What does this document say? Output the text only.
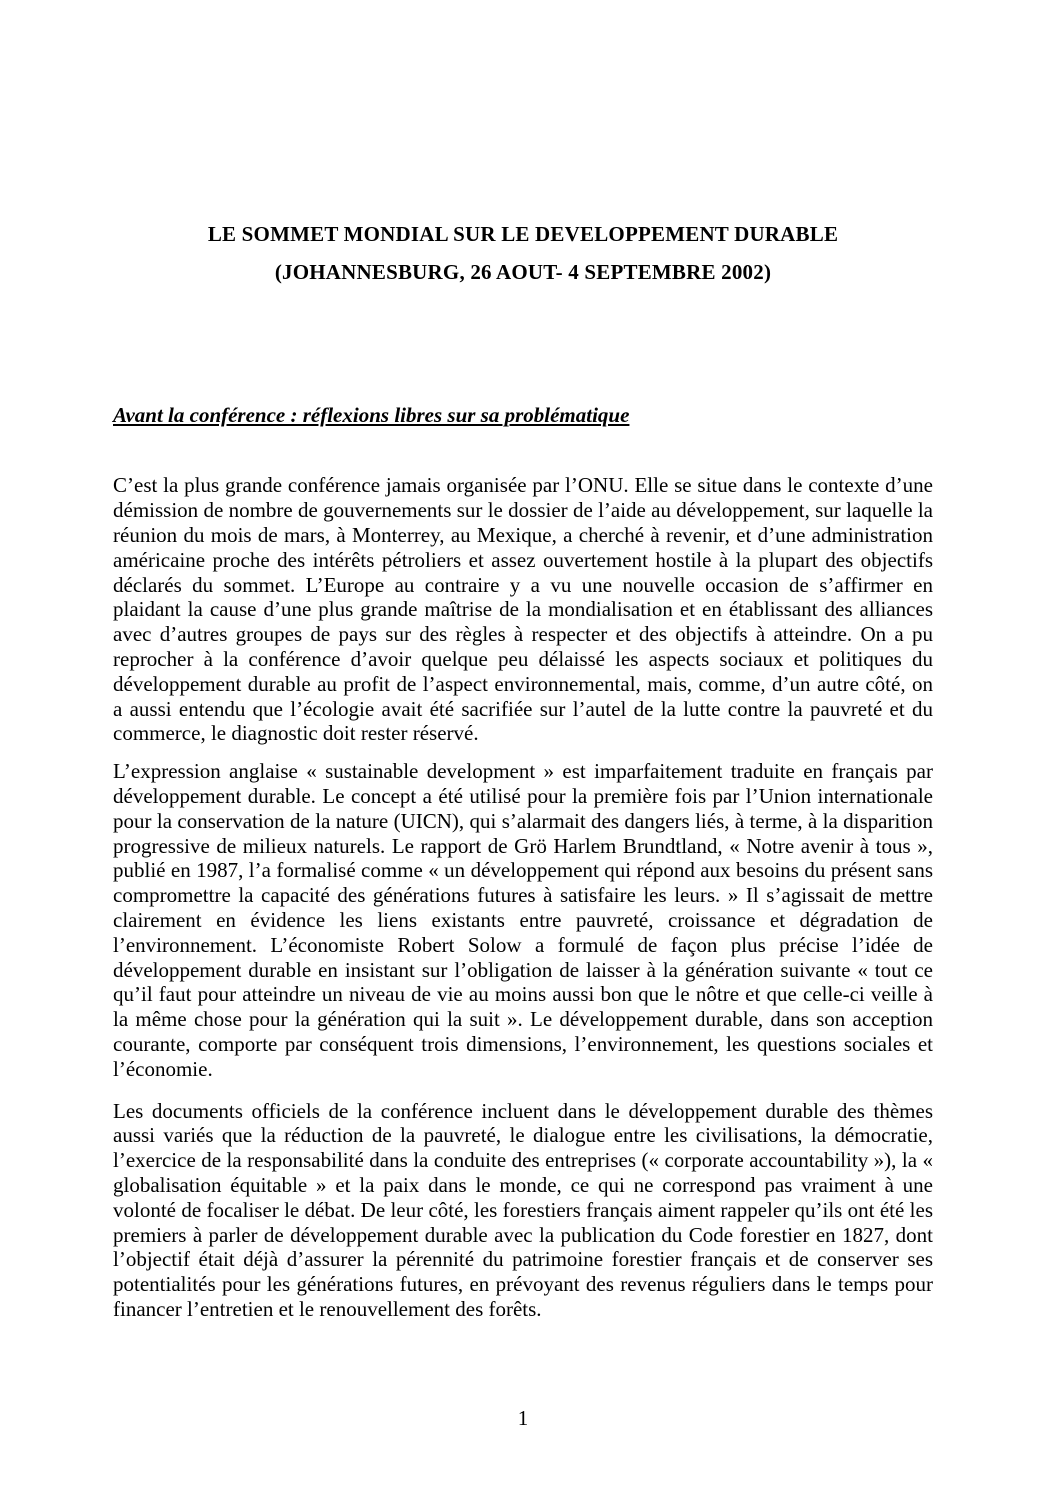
LE SOMMET MONDIAL SUR LE DEVELOPPEMENT DURABLE
(JOHANNESBURG, 26 AOUT- 4 SEPTEMBRE 2002)
Avant la conférence : réflexions libres sur sa problématique

C’est la plus grande conférence jamais organisée par l’ONU. Elle se situe dans le contexte d’une démission de nombre de gouvernements sur le dossier de l’aide au développement, sur laquelle la réunion du mois de mars, à Monterrey, au Mexique, a cherché à revenir, et d’une administration américaine proche des intérêts pétroliers et assez ouvertement hostile à la plupart des objectifs déclarés du sommet. L’Europe au contraire y a vu une nouvelle occasion de s’affirmer en plaidant la cause d’une plus grande maîtrise de la mondialisation et en établissant des alliances avec d’autres groupes de pays sur des règles à respecter et des objectifs à atteindre. On a pu reprocher à la conférence d’avoir quelque peu délaissé les aspects sociaux et politiques du développement durable au profit de l’aspect environnemental, mais, comme, d’un autre côté, on a aussi entendu que l’écologie avait été sacrifiée sur l’autel de la lutte contre la pauvreté et du commerce, le diagnostic doit rester réservé.

L’expression anglaise « sustainable development » est imparfaitement traduite en français par développement durable. Le concept a été utilisé pour la première fois par l’Union internationale pour la conservation de la nature (UICN), qui s’alarmait des dangers liés, à terme, à la disparition progressive de milieux naturels. Le rapport de Grö Harlem Brundtland, « Notre avenir à tous », publié en 1987, l’a formalisé comme « un développement qui répond aux besoins du présent sans compromettre la capacité des générations futures à satisfaire les leurs. » Il s’agissait de mettre clairement en évidence les liens existants entre pauvreté, croissance et dégradation de l’environnement. L’économiste Robert Solow a formulé de façon plus précise l’idée de développement durable en insistant sur l’obligation de laisser à la génération suivante « tout ce qu’il faut pour atteindre un niveau de vie au moins aussi bon que le nôtre et que celle-ci veille à la même chose pour la génération qui la suit ». Le développement durable, dans son acception courante, comporte par conséquent trois dimensions, l’environnement, les questions sociales et l’économie.

Les documents officiels de la conférence incluent dans le développement durable des thèmes aussi variés que la réduction de la pauvreté, le dialogue entre les civilisations, la démocratie, l’exercice de la responsabilité dans la conduite des entreprises (« corporate accountability »), la « globalisation équitable » et la paix dans le monde, ce qui ne correspond pas vraiment à une volonté de focaliser le débat. De leur côté, les forestiers français aiment rappeler qu’ils ont été les premiers à parler de développement durable avec la publication du Code forestier en 1827, dont l’objectif était déjà d’assurer la pérennité du patrimoine forestier français et de conserver ses potentialités pour les générations futures, en prévoyant des revenus réguliers dans le temps pour financer l’entretien et le renouvellement des forêts.

1
